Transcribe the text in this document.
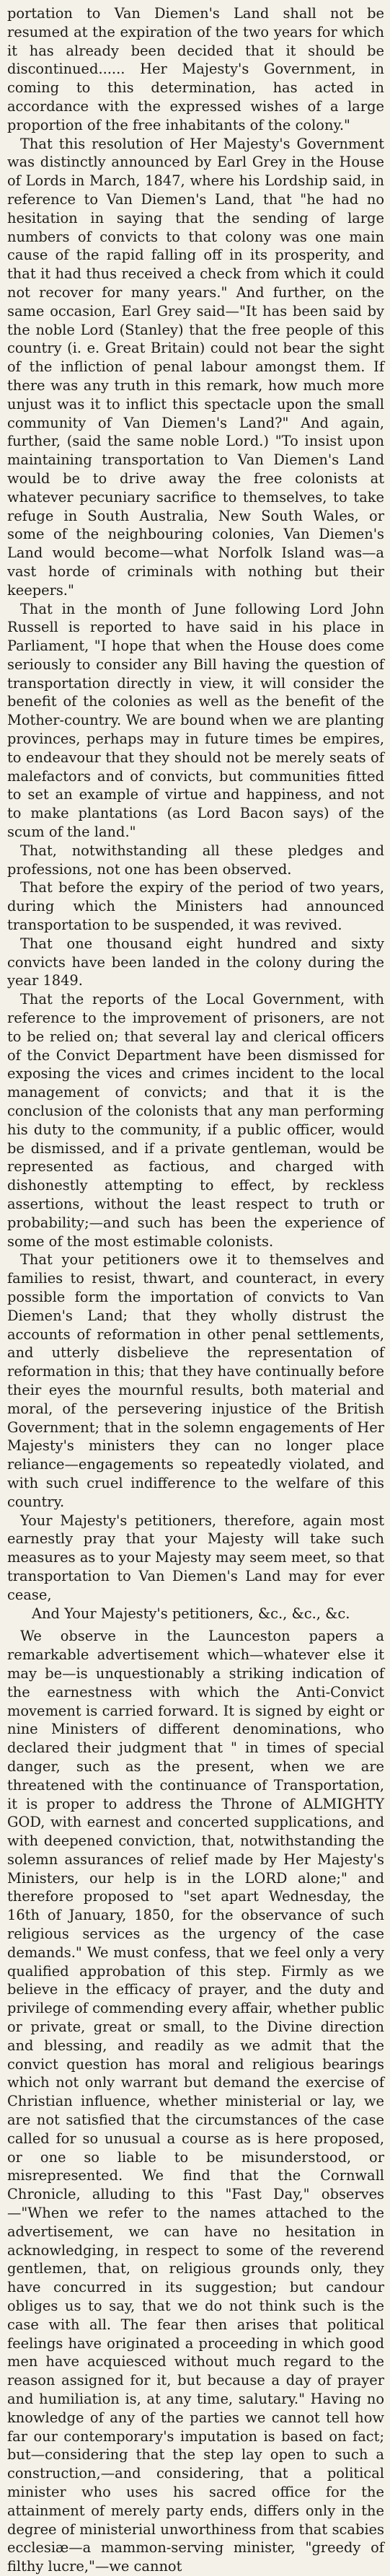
portation to Van Diemen's Land shall not be resumed at the expiration of the two years for which it has already been decided that it should be discontinued...... Her Majesty's Government, in coming to this determination, has acted in accordance with the expressed wishes of a large proportion of the free inhabitants of the colony."

That this resolution of Her Majesty's Government was distinctly announced by Earl Grey in the House of Lords in March, 1847, where his Lordship said, in reference to Van Diemen's Land, that "he had no hesitation in saying that the sending of large numbers of convicts to that colony was one main cause of the rapid falling off in its prosperity, and that it had thus received a check from which it could not recover for many years." And further, on the same occasion, Earl Grey said—"It has been said by the noble Lord (Stanley) that the free people of this country (i. e. Great Britain) could not bear the sight of the infliction of penal labour amongst them. If there was any truth in this remark, how much more unjust was it to inflict this spectacle upon the small community of Van Diemen's Land?" And again, further, (said the same noble Lord.) "To insist upon maintaining transportation to Van Diemen's Land would be to drive away the free colonists at whatever pecuniary sacrifice to themselves, to take refuge in South Australia, New South Wales, or some of the neighbouring colonies, Van Diemen's Land would become—what Norfolk Island was—a vast horde of criminals with nothing but their keepers."

That in the month of June following Lord John Russell is reported to have said in his place in Parliament, "I hope that when the House does come seriously to consider any Bill having the question of transportation directly in view, it will consider the benefit of the colonies as well as the benefit of the Mother-country. We are bound when we are planting provinces, perhaps may in future times be empires, to endeavour that they should not be merely seats of malefactors and of convicts, but communities fitted to set an example of virtue and happiness, and not to make plantations (as Lord Bacon says) of the scum of the land."

That, notwithstanding all these pledges and professions, not one has been observed.

That before the expiry of the period of two years, during which the Ministers had announced transportation to be suspended, it was revived.

That one thousand eight hundred and sixty convicts have been landed in the colony during the year 1849.

That the reports of the Local Government, with reference to the improvement of prisoners, are not to be relied on; that several lay and clerical officers of the Convict Department have been dismissed for exposing the vices and crimes incident to the local management of convicts; and that it is the conclusion of the colonists that any man performing his duty to the community, if a public officer, would be dismissed, and if a private gentleman, would be represented as factious, and charged with dishonestly attempting to effect, by reckless assertions, without the least respect to truth or probability;—and such has been the experience of some of the most estimable colonists.

That your petitioners owe it to themselves and families to resist, thwart, and counteract, in every possible form the importation of convicts to Van Diemen's Land; that they wholly distrust the accounts of reformation in other penal settlements, and utterly disbelieve the representation of reformation in this; that they have continually before their eyes the mournful results, both material and moral, of the persevering injustice of the British Government; that in the solemn engagements of Her Majesty's ministers they can no longer place reliance—engagements so repeatedly violated, and with such cruel indifference to the welfare of this country.

Your Majesty's petitioners, therefore, again most earnestly pray that your Majesty will take such measures as to your Majesty may seem meet, so that transportation to Van Diemen's Land may for ever cease,

And Your Majesty's petitioners, &c., &c., &c.

We observe in the Launceston papers a remarkable advertisement which—whatever else it may be—is unquestionably a striking indication of the earnestness with which the Anti-Convict movement is carried forward. It is signed by eight or nine Ministers of different denominations, who declared their judgment that " in times of special danger, such as the present, when we are threatened with the continuance of Transportation, it is proper to address the Throne of ALMIGHTY GOD, with earnest and concerted supplications, and with deepened conviction, that, notwithstanding the solemn assurances of relief made by Her Majesty's Ministers, our help is in the LORD alone;" and therefore proposed to "set apart Wednesday, the 16th of January, 1850, for the observance of such religious services as the urgency of the case demands." We must confess, that we feel only a very qualified approbation of this step. Firmly as we believe in the efficacy of prayer, and the duty and privilege of commending every affair, whether public or private, great or small, to the Divine direction and blessing, and readily as we admit that the convict question has moral and religious bearings which not only warrant but demand the exercise of Christian influence, whether ministerial or lay, we are not satisfied that the circumstances of the case called for so unusual a course as is here proposed, or one so liable to be misunderstood, or misrepresented. We find that the Cornwall Chronicle, alluding to this "Fast Day," observes—"When we refer to the names attached to the advertisement, we can have no hesitation in acknowledging, in respect to some of the reverend gentlemen, that, on religious grounds only, they have concurred in its suggestion; but candour obliges us to say, that we do not think such is the case with all. The fear then arises that political feelings have originated a proceeding in which good men have acquiesced without much regard to the reason assigned for it, but because a day of prayer and humiliation is, at any time, salutary." Having no knowledge of any of the parties we cannot tell how far our contemporary's imputation is based on fact; but—considering that the step lay open to such a construction,—and considering, that a political minister who uses his sacred office for the attainment of merely party ends, differs only in the degree of ministerial unworthiness from that scabies ecclesiæ—a mammon-serving minister, "greedy of filthy lucre,"—we cannot
